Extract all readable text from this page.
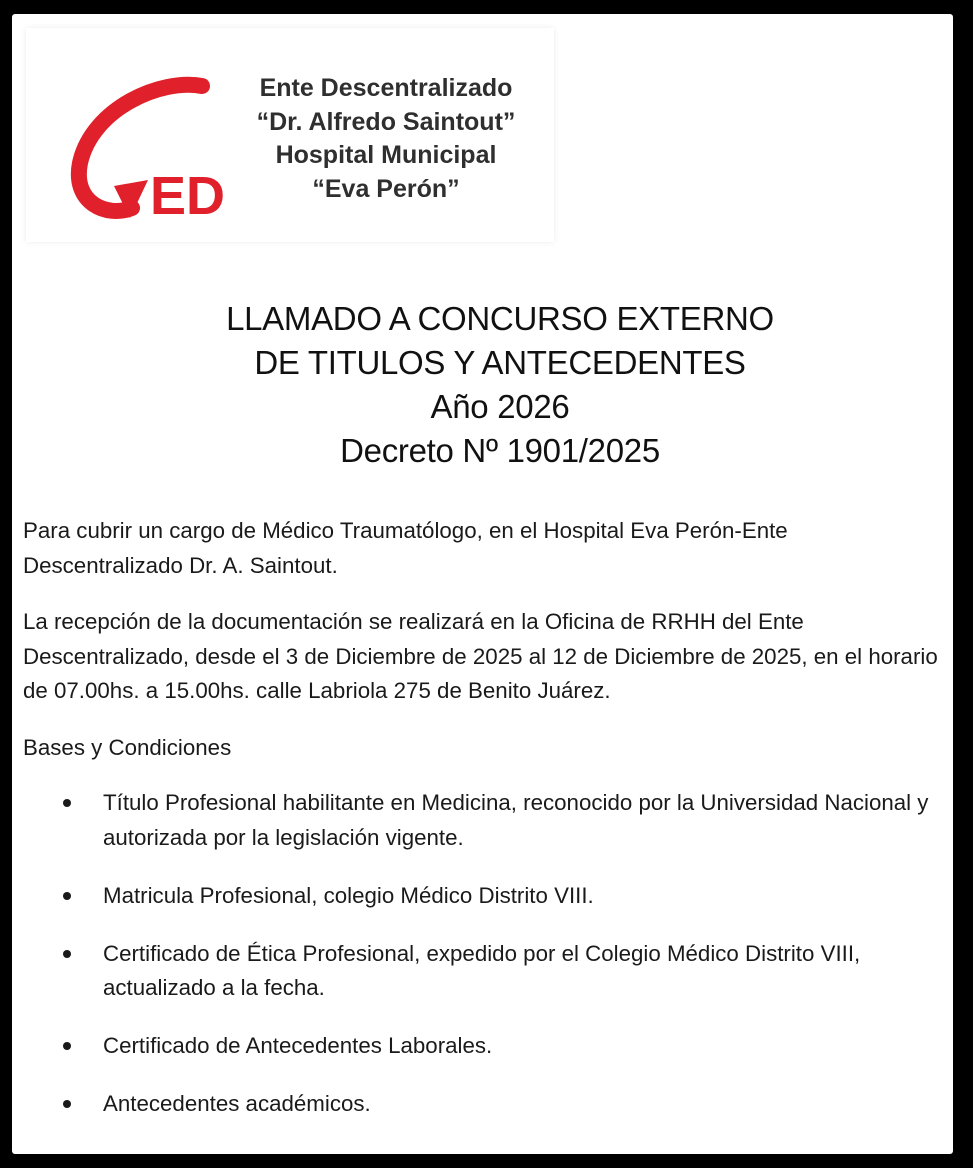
ED
Ente Descentralizado
“Dr. Alfredo Saintout”
Hospital Municipal
“Eva Perón”
LLAMADO A CONCURSO EXTERNO
DE TITULOS Y ANTECEDENTES
Año 2026
Decreto Nº 1901/2025

Para cubrir un cargo de Médico Traumatólogo, en el Hospital Eva Perón-Ente Descentralizado Dr. A. Saintout.

La recepción de la documentación se realizará en la Oficina de RRHH del Ente Descentralizado, desde el 3 de Diciembre de 2025 al 12 de Diciembre de 2025, en el horario de 07.00hs. a 15.00hs. calle Labriola 275 de Benito Juárez.

Bases y Condiciones

Título Profesional habilitante en Medicina, reconocido por la Universidad Nacional y autorizada por la legislación vigente.
Matricula Profesional, colegio Médico Distrito VIII.
Certificado de Ética Profesional, expedido por el Colegio Médico Distrito VIII, actualizado a la fecha.
Certificado de Antecedentes Laborales.
Antecedentes académicos.
